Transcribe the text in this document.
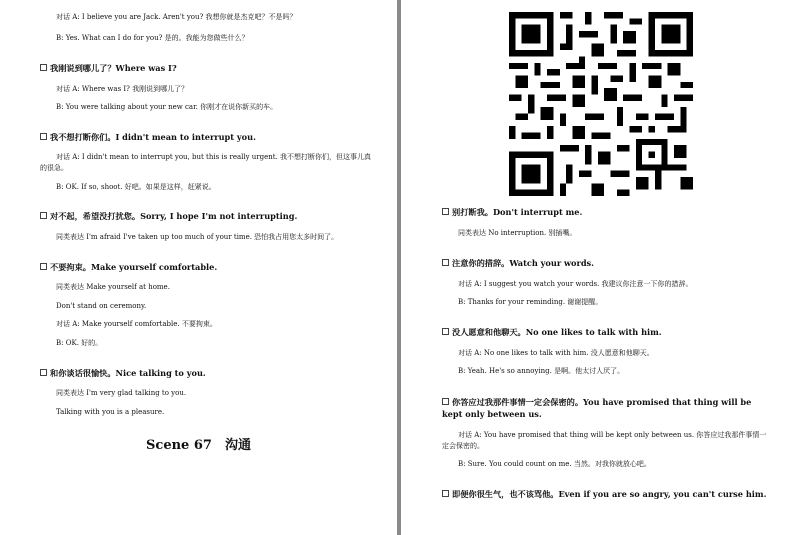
对话 A: I believe you are Jack. Aren't you? 我想你就是杰克吧？不是吗？
B: Yes. What can I do for you? 是的。我能为您做些什么？
我刚说到哪儿了？Where was I?
对话 A: Where was I? 我刚说到哪儿了？
B: You were talking about your new car. 你刚才在说你新买的车。
我不想打断你们。I didn't mean to interrupt you.
对话 A: I didn't mean to interrupt you, but this is really urgent. 我不想打断你们，但这事儿真的很急。
B: OK. If so, shoot. 好吧。如果是这样，赶紧说。
对不起，希望没打扰您。Sorry, I hope I'm not interrupting.
同类表达 I'm afraid I've taken up too much of your time. 恐怕我占用您太多时间了。
不要拘束。Make yourself comfortable.
同类表达 Make yourself at home.
Don't stand on ceremony.
对话 A: Make yourself comfortable. 不要拘束。
B: OK. 好的。
和你谈话很愉快。Nice talking to you.
同类表达 I'm very glad talking to you.
Talking with you is a pleasure.
Scene 67　沟通
别打断我。Don't interrupt me.
同类表达 No interruption. 别插嘴。
注意你的措辞。Watch your words.
对话 A: I suggest you watch your words. 我建议你注意一下你的措辞。
B: Thanks for your reminding. 谢谢提醒。
没人愿意和他聊天。No one likes to talk with him.
对话 A: No one likes to talk with him. 没人愿意和他聊天。
B: Yeah. He's so annoying. 是啊。他太讨人厌了。
你答应过我那件事情一定会保密的。You have promised that thing will be kept only between us.
对话 A: You have promised that thing will be kept only between us. 你答应过我那件事情一定会保密的。
B: Sure. You could count on me. 当然。对我你就放心吧。
即便你很生气，也不该骂他。Even if you are so angry, you can't curse him.
